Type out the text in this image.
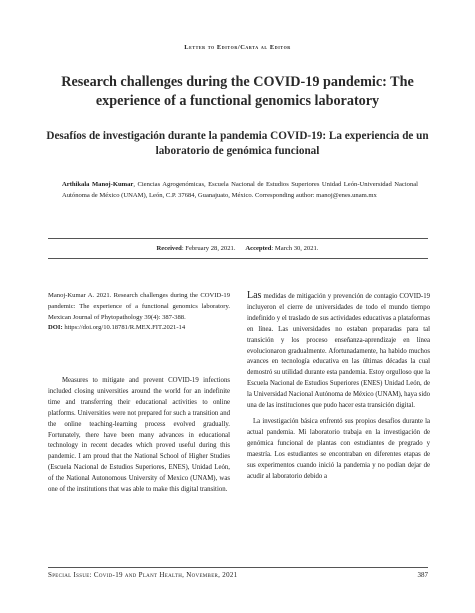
Letter to Editor/Carta al Editor
Research challenges during the COVID-19 pandemic: The experience of a functional genomics laboratory
Desafíos de investigación durante la pandemia COVID-19: La experiencia de un laboratorio de genómica funcional
Arthikala Manoj-Kumar, Ciencias Agrogenómicas, Escuela Nacional de Estudios Superiores Unidad León-Universidad Nacional Autónoma de México (UNAM), León, C.P. 37684, Guanajuato, México. Corresponding author: manoj@enes.unam.mx
Received: February 28, 2021. Accepted: March 30, 2021.
Manoj-Kumar A. 2021. Research challenges during the COVID-19 pandemic: The experience of a functional genomics laboratory. Mexican Journal of Phytopathology 39(4): 387-388.
DOI: https://doi.org/10.18781/R.MEX.FIT.2021-14

Measures to mitigate and prevent COVID-19 infections included closing universities around the world for an indefinite time and transferring their educational activities to online platforms. Universities were not prepared for such a transition and the online teaching-learning process evolved gradually. Fortunately, there have been many advances in educational technology in recent decades which proved useful during this pandemic. I am proud that the National School of Higher Studies (Escuela Nacional de Estudios Superiores, ENES), Unidad León, of the National Autonomous University of Mexico (UNAM), was one of the institutions that was able to make this digital transition.

Las medidas de mitigación y prevención de contagio COVID-19 incluyeron el cierre de universidades de todo el mundo tiempo indefinido y el traslado de sus actividades educativas a plataformas en línea. Las universidades no estaban preparadas para tal transición y los proceso enseñanza-aprendizaje en línea evolucionaron gradualmente. Afortunadamente, ha habido muchos avances en tecnología educativa en las últimas décadas la cual demostró su utilidad durante esta pandemia. Estoy orgulloso que la Escuela Nacional de Estudios Superiores (ENES) Unidad León, de la Universidad Nacional Autónoma de México (UNAM), haya sido una de las instituciones que pudo hacer esta transición digital.

La investigación básica enfrentó sus propios desafíos durante la actual pandemia. Mi laboratorio trabaja en la investigación de genómica funcional de plantas con estudiantes de pregrado y maestría. Los estudiantes se encontraban en diferentes etapas de sus experimentos cuando inició la pandemia y no podían dejar de acudir al laboratorio debido a

Special Issue: Covid-19 and Plant Health, November, 2021	387
